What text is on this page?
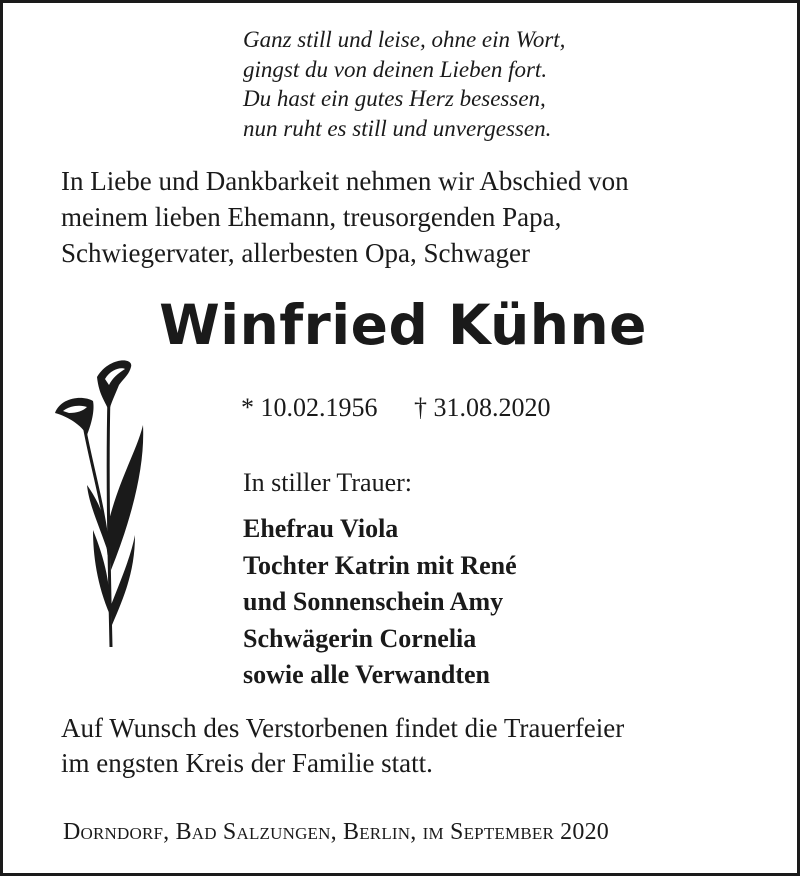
Ganz still und leise, ohne ein Wort,
gingst du von deinen Lieben fort.
Du hast ein gutes Herz besessen,
nun ruht es still und unvergessen.
In Liebe und Dankbarkeit nehmen wir Abschied von
meinem lieben Ehemann, treusorgenden Papa,
Schwiegervater, allerbesten Opa, Schwager
Winfried Kühne
* 10.02.1956 † 31.08.2020
In stiller Trauer:
Ehefrau Viola
Tochter Katrin mit René
und Sonnenschein Amy
Schwägerin Cornelia
sowie alle Verwandten
Auf Wunsch des Verstorbenen findet die Trauerfeier
im engsten Kreis der Familie statt.
Dorndorf, Bad Salzungen, Berlin, im September 2020
